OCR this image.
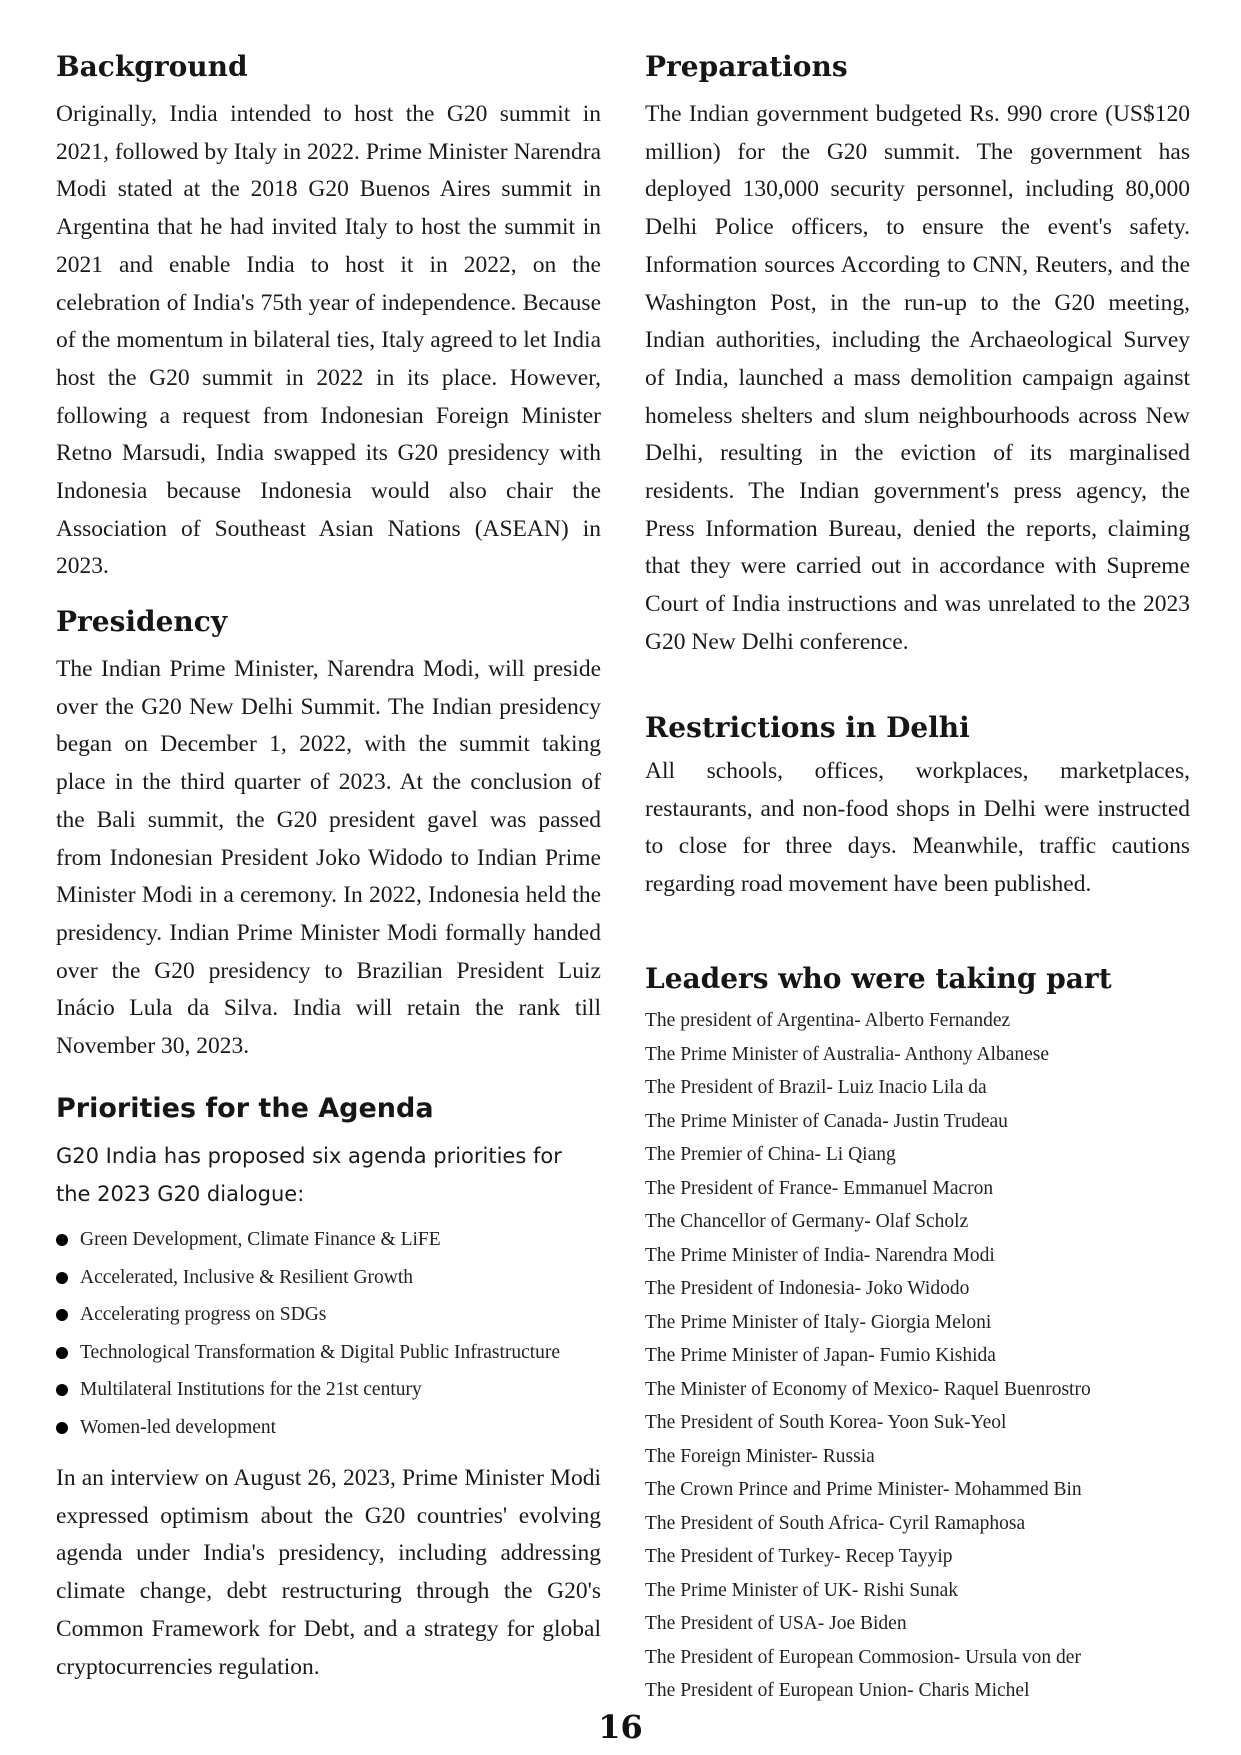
Background

Originally, India intended to host the G20 summit in 2021, followed by Italy in 2022. Prime Minister Narendra Modi stated at the 2018 G20 Buenos Aires summit in Argentina that he had invited Italy to host the summit in 2021 and enable India to host it in 2022, on the celebration of India's 75th year of independence. Because of the momentum in bilateral ties, Italy agreed to let India host the G20 summit in 2022 in its place. However, following a request from Indonesian Foreign Minister Retno Marsudi, India swapped its G20 presidency with Indonesia because Indonesia would also chair the Association of Southeast Asian Nations (ASEAN) in 2023.

Presidency

The Indian Prime Minister, Narendra Modi, will preside over the G20 New Delhi Summit. The Indian presidency began on December 1, 2022, with the summit taking place in the third quarter of 2023. At the conclusion of the Bali summit, the G20 president gavel was passed from Indonesian President Joko Widodo to Indian Prime Minister Modi in a ceremony. In 2022, Indonesia held the presidency. Indian Prime Minister Modi formally handed over the G20 presidency to Brazilian President Luiz Inácio Lula da Silva. India will retain the rank till November 30, 2023.

Priorities for the Agenda

G20 India has proposed six agenda priorities for the 2023 G20 dialogue:

Green Development, Climate Finance & LiFE
Accelerated, Inclusive & Resilient Growth
Accelerating progress on SDGs
Technological Transformation & Digital Public Infrastructure
Multilateral Institutions for the 21st century
Women-led development

In an interview on August 26, 2023, Prime Minister Modi expressed optimism about the G20 countries' evolving agenda under India's presidency, including addressing climate change, debt restructuring through the G20's Common Framework for Debt, and a strategy for global cryptocurrencies regulation.

Preparations

The Indian government budgeted Rs. 990 crore (US$120 million) for the G20 summit. The government has deployed 130,000 security personnel, including 80,000 Delhi Police officers, to ensure the event's safety. Information sources According to CNN, Reuters, and the Washington Post, in the run-up to the G20 meeting, Indian authorities, including the Archaeological Survey of India, launched a mass demolition campaign against homeless shelters and slum neighbourhoods across New Delhi, resulting in the eviction of its marginalised residents. The Indian government's press agency, the Press Information Bureau, denied the reports, claiming that they were carried out in accordance with Supreme Court of India instructions and was unrelated to the 2023 G20 New Delhi conference.

Restrictions in Delhi

All schools, offices, workplaces, marketplaces, restaurants, and non-food shops in Delhi were instructed to close for three days. Meanwhile, traffic cautions regarding road movement have been published.

Leaders who were taking part
The president of Argentina- Alberto Fernandez
The Prime Minister of Australia- Anthony Albanese
The President of Brazil- Luiz Inacio Lila da
The Prime Minister of Canada- Justin Trudeau
The Premier of China- Li Qiang
The President of France- Emmanuel Macron
The Chancellor of Germany- Olaf Scholz
The Prime Minister of India- Narendra Modi
The President of Indonesia- Joko Widodo
The Prime Minister of Italy- Giorgia Meloni
The Prime Minister of Japan- Fumio Kishida
The Minister of Economy of Mexico- Raquel Buenrostro
The President of South Korea- Yoon Suk-Yeol
The Foreign Minister- Russia
The Crown Prince and Prime Minister- Mohammed Bin
The President of South Africa- Cyril Ramaphosa
The President of Turkey- Recep Tayyip
The Prime Minister of UK- Rishi Sunak
The President of USA- Joe Biden
The President of European Commosion- Ursula von der
The President of European Union- Charis Michel
16
